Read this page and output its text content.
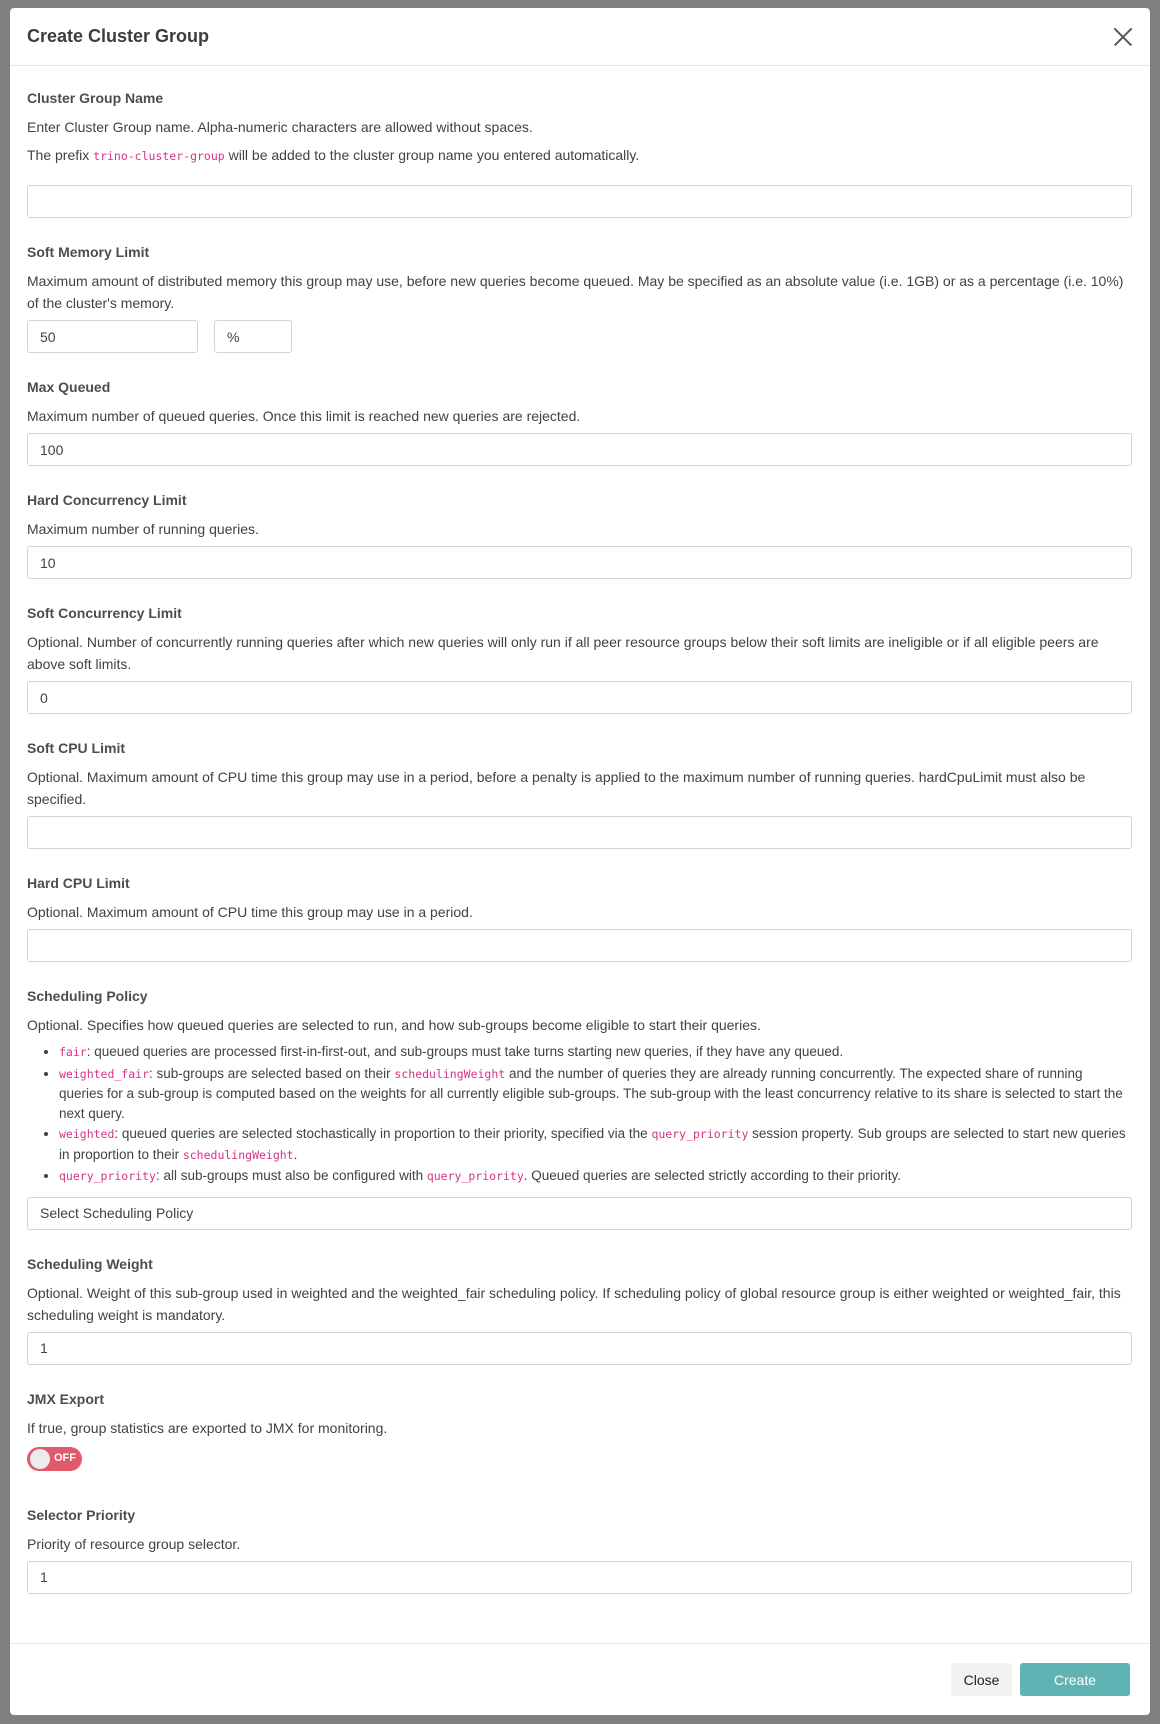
Create Cluster Group
Cluster Group Name

Enter Cluster Group name. Alpha-numeric characters are allowed without spaces.

The prefix trino-cluster-group will be added to the cluster group name you entered automatically.

Soft Memory Limit

Maximum amount of distributed memory this group may use, before new queries become queued. May be specified as an absolute value (i.e. 1GB) or as a percentage (i.e. 10%) of the cluster's memory.

50	%
Max Queued

Maximum number of queued queries. Once this limit is reached new queries are rejected.

100
Hard Concurrency Limit

Maximum number of running queries.

10
Soft Concurrency Limit

Optional. Number of concurrently running queries after which new queries will only run if all peer resource groups below their soft limits are ineligible or if all eligible peers are above soft limits.

0
Soft CPU Limit

Optional. Maximum amount of CPU time this group may use in a period, before a penalty is applied to the maximum number of running queries. hardCpuLimit must also be specified.

Hard CPU Limit

Optional. Maximum amount of CPU time this group may use in a period.

Scheduling Policy

Optional. Specifies how queued queries are selected to run, and how sub-groups become eligible to start their queries.

• fair: queued queries are processed first-in-first-out, and sub-groups must take turns starting new queries, if they have any queued.
• weighted_fair: sub-groups are selected based on their schedulingWeight and the number of queries they are already running concurrently. The expected share of running queries for a sub-group is computed based on the weights for all currently eligible sub-groups. The sub-group with the least concurrency relative to its share is selected to start the next query.
• weighted: queued queries are selected stochastically in proportion to their priority, specified via the query_priority session property. Sub groups are selected to start new queries in proportion to their schedulingWeight.
• query_priority: all sub-groups must also be configured with query_priority. Queued queries are selected strictly according to their priority.
Select Scheduling Policy
Scheduling Weight

Optional. Weight of this sub-group used in weighted and the weighted_fair scheduling policy. If scheduling policy of global resource group is either weighted or weighted_fair, this scheduling weight is mandatory.

1
JMX Export

If true, group statistics are exported to JMX for monitoring.

OFF
Selector Priority

Priority of resource group selector.

1
Close	Create
